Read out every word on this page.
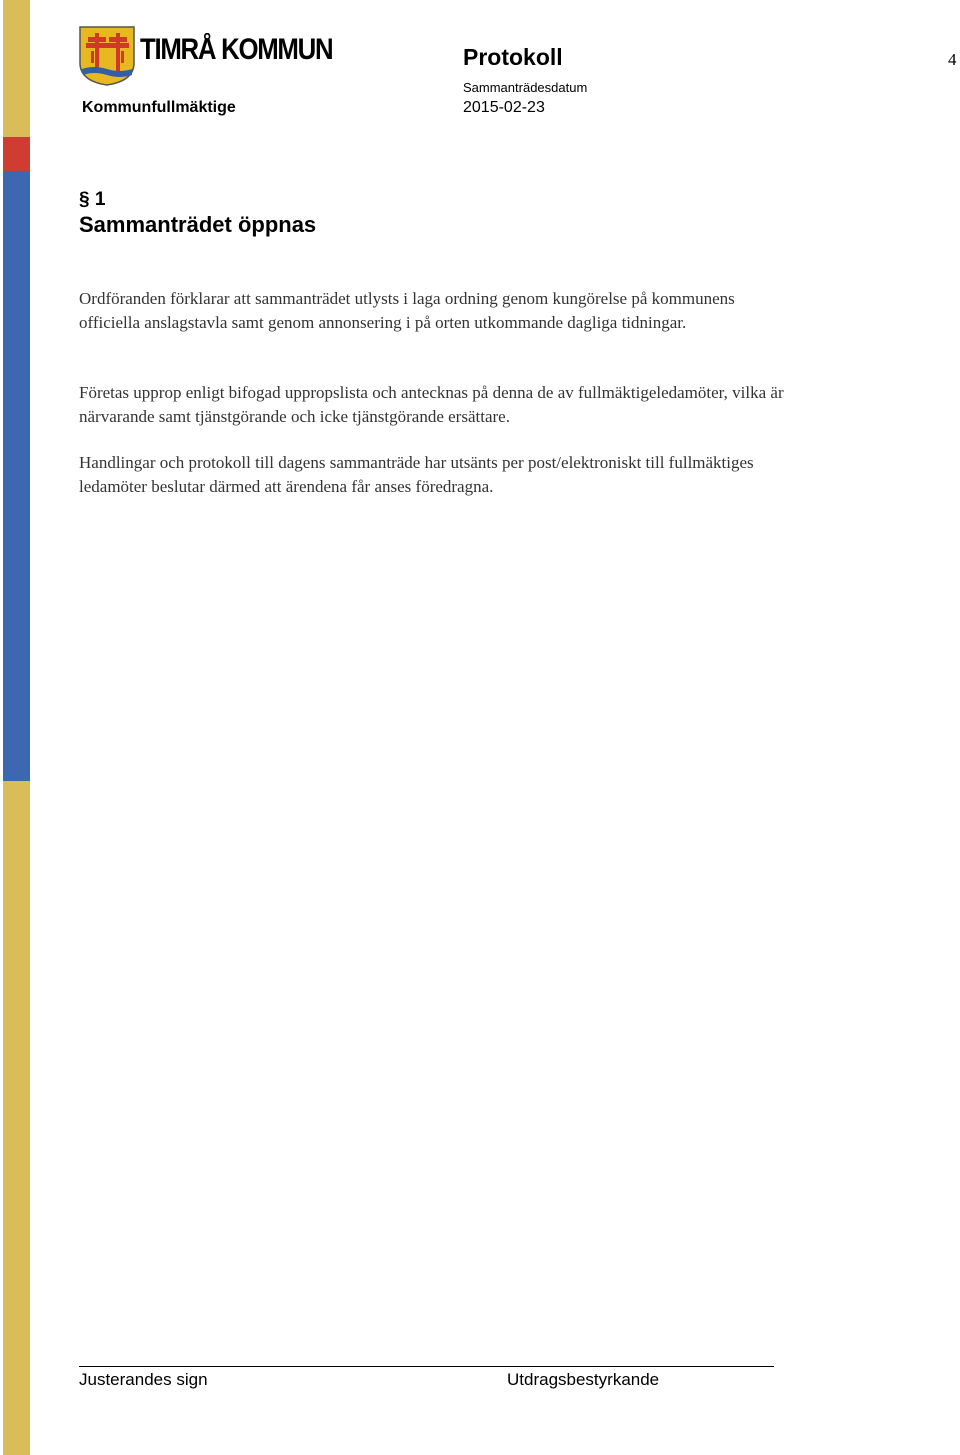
TIMRÅ KOMMUN
Kommunfullmäktige
Protokoll
Sammanträdesdatum
2015-02-23
4
§ 1
Sammanträdet öppnas

Ordföranden förklarar att sammanträdet utlysts i laga ordning genom kungörelse på kommunens officiella anslagstavla samt genom annonsering i på orten utkommande dagliga tidningar.

Företas upprop enligt bifogad uppropslista och antecknas på denna de av fullmäktigeledamöter, vilka är närvarande samt tjänstgörande och icke tjänstgörande ersättare.

Handlingar och protokoll till dagens sammanträde har utsänts per post/elektroniskt till fullmäktiges ledamöter beslutar därmed att ärendena får anses föredragna.

Justerandes sign	Utdragsbestyrkande
